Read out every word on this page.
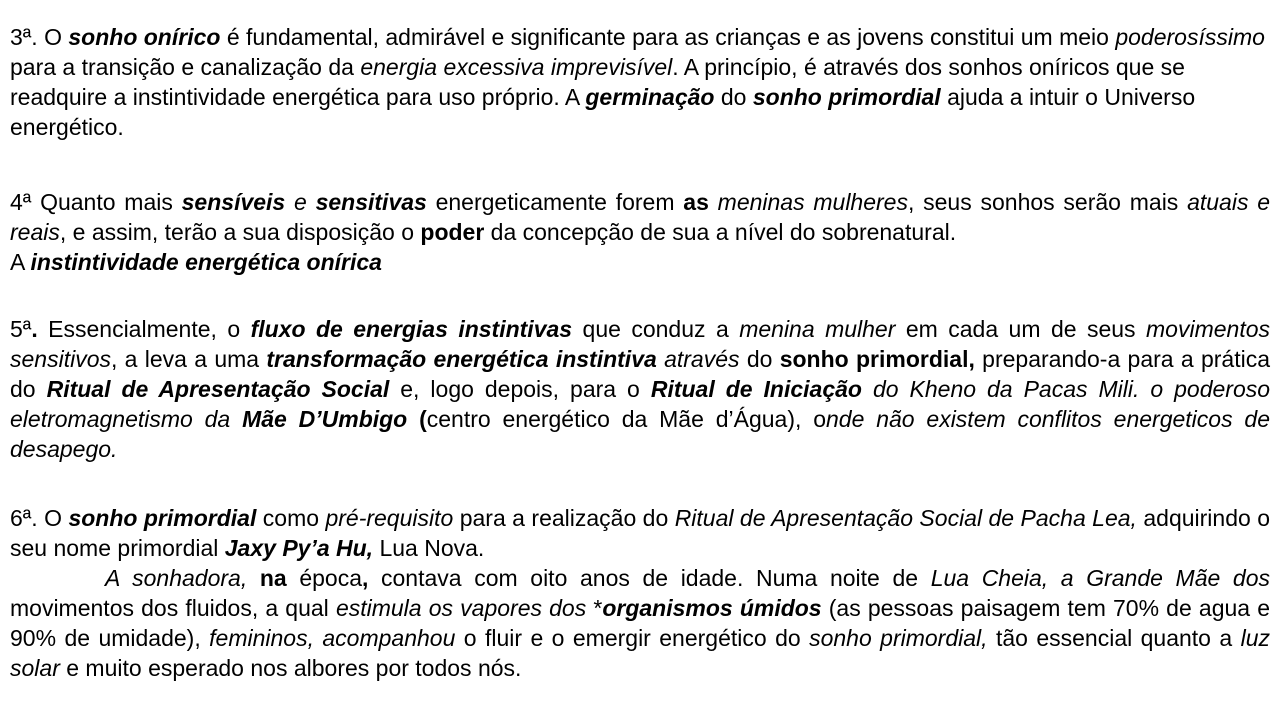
3ª. O sonho onírico é fundamental, admirável e significante para as crianças e as jovens constitui um meio poderosíssimo para a transição e canalização da energia excessiva imprevisível. A princípio, é através dos sonhos oníricos que se readquire a instintividade energética para uso próprio. A germinação do sonho primordial ajuda a intuir o Universo energético.

4ª Quanto mais sensíveis e sensitivas energeticamente forem as meninas mulheres, seus sonhos serão mais atuais e reais, e assim, terão a sua disposição o poder da concepção de sua a nível do sobrenatural.
A instintividade energética onírica

5ª. Essencialmente, o fluxo de energias instintivas que conduz a menina mulher em cada um de seus movimentos sensitivos, a leva a uma transformação energética instintiva através do sonho primordial, preparando-a para a prática do Ritual de Apresentação Social e, logo depois, para o Ritual de Iniciação do Kheno da Pacas Mili. o poderoso eletromagnetismo da Mãe D’Umbigo (centro energético da Mãe d’Água), onde não existem conflitos energeticos de desapego.

6ª. O sonho primordial como pré-requisito para a realização do Ritual de Apresentação Social de Pacha Lea, adquirindo o seu nome primordial Jaxy Py’a Hu, Lua Nova.

A sonhadora, na época, contava com oito anos de idade. Numa noite de Lua Cheia, a Grande Mãe dos movimentos dos fluidos, a qual estimula os vapores dos *organismos úmidos (as pessoas paisagem tem 70% de agua e 90% de umidade), femininos, acompanhou o fluir e o emergir energético do sonho primordial, tão essencial quanto a luz solar e muito esperado nos albores por todos nós.
